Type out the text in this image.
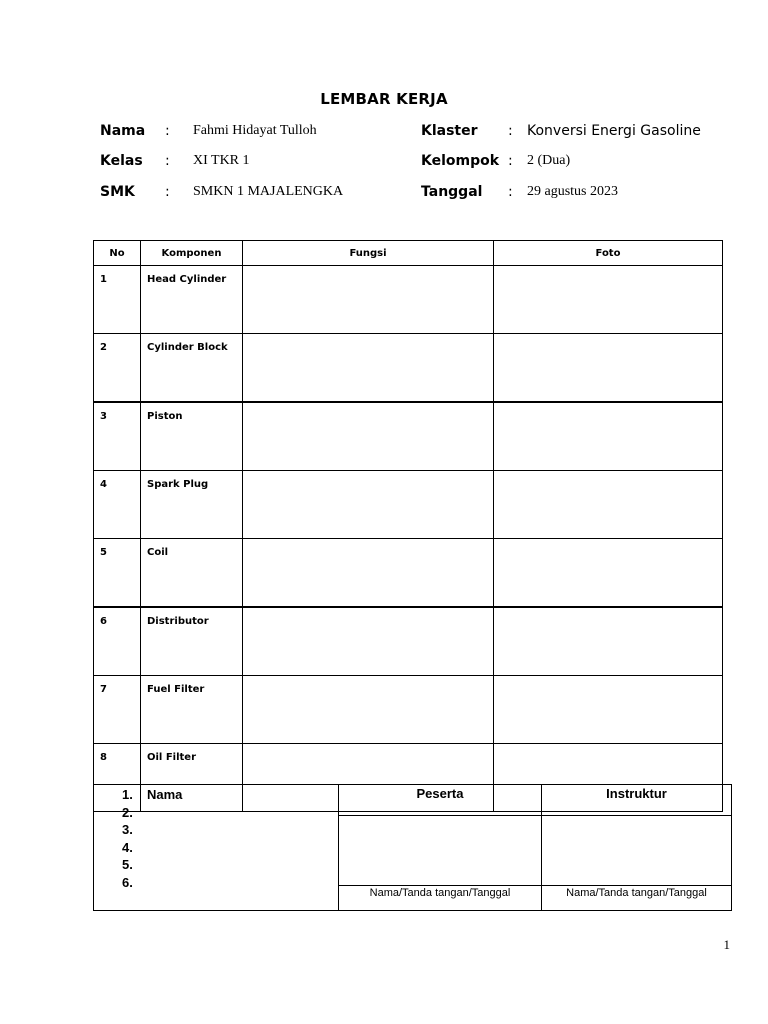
LEMBAR KERJA
Nama : Fahmi Hidayat Tulloh
Kelas : XI TKR 1
SMK : SMKN 1 MAJALENGKA
Klaster : Konversi Energi Gasoline
Kelompok : 2 (Dua)
Tanggal : 29 agustus 2023
No	Komponen	Fungsi	Foto
1	Head Cylinder		
2	Cylinder Block		
3	Piston		
4	Spark Plug		
5	Coil		
6	Distributor		
7	Fuel Filter		
8	Oil Filter		
1. Nama
2.
3.
4.
5.
6.
Peserta
Nama/Tanda tangan/Tanggal
Instruktur
Nama/Tanda tangan/Tanggal
1
